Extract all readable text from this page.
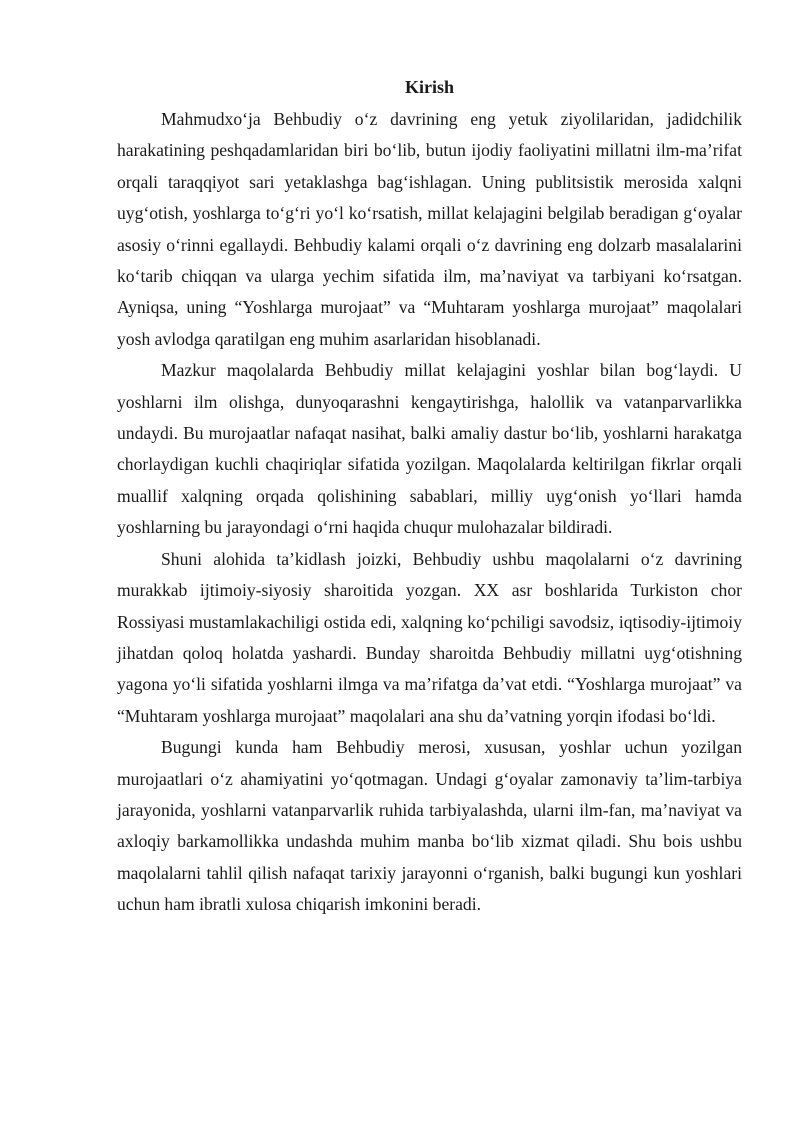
Kirish

Mahmudxo‘ja Behbudiy o‘z davrining eng yetuk ziyolilaridan, jadidchilik harakatining peshqadamlaridan biri bo‘lib, butun ijodiy faoliyatini millatni ilm-ma’rifat orqali taraqqiyot sari yetaklashga bag‘ishlagan. Uning publitsistik merosida xalqni uyg‘otish, yoshlarga to‘g‘ri yo‘l ko‘rsatish, millat kelajagini belgilab beradigan g‘oyalar asosiy o‘rinni egallaydi. Behbudiy kalami orqali o‘z davrining eng dolzarb masalalarini ko‘tarib chiqqan va ularga yechim sifatida ilm, ma’naviyat va tarbiyani ko‘rsatgan. Ayniqsa, uning “Yoshlarga murojaat” va “Muhtaram yoshlarga murojaat” maqolalari yosh avlodga qaratilgan eng muhim asarlaridan hisoblanadi.

Mazkur maqolalarda Behbudiy millat kelajagini yoshlar bilan bog‘laydi. U yoshlarni ilm olishga, dunyoqarashni kengaytirishga, halollik va vatanparvarlikka undaydi. Bu murojaatlar nafaqat nasihat, balki amaliy dastur bo‘lib, yoshlarni harakatga chorlaydigan kuchli chaqiriqlar sifatida yozilgan. Maqolalarda keltirilgan fikrlar orqali muallif xalqning orqada qolishining sabablari, milliy uyg‘onish yo‘llari hamda yoshlarning bu jarayondagi o‘rni haqida chuqur mulohazalar bildiradi.

Shuni alohida ta’kidlash joizki, Behbudiy ushbu maqolalarni o‘z davrining murakkab ijtimoiy-siyosiy sharoitida yozgan. XX asr boshlarida Turkiston chor Rossiyasi mustamlakachiligi ostida edi, xalqning ko‘pchiligi savodsiz, iqtisodiy-ijtimoiy jihatdan qoloq holatda yashardi. Bunday sharoitda Behbudiy millatni uyg‘otishning yagona yo‘li sifatida yoshlarni ilmga va ma’rifatga da’vat etdi. “Yoshlarga murojaat” va “Muhtaram yoshlarga murojaat” maqolalari ana shu da’vatning yorqin ifodasi bo‘ldi.

Bugungi kunda ham Behbudiy merosi, xususan, yoshlar uchun yozilgan murojaatlari o‘z ahamiyatini yo‘qotmagan. Undagi g‘oyalar zamonaviy ta’lim-tarbiya jarayonida, yoshlarni vatanparvarlik ruhida tarbiyalashda, ularni ilm-fan, ma’naviyat va axloqiy barkamollikka undashda muhim manba bo‘lib xizmat qiladi. Shu bois ushbu maqolalarni tahlil qilish nafaqat tarixiy jarayonni o‘rganish, balki bugungi kun yoshlari uchun ham ibratli xulosa chiqarish imkonini beradi.
